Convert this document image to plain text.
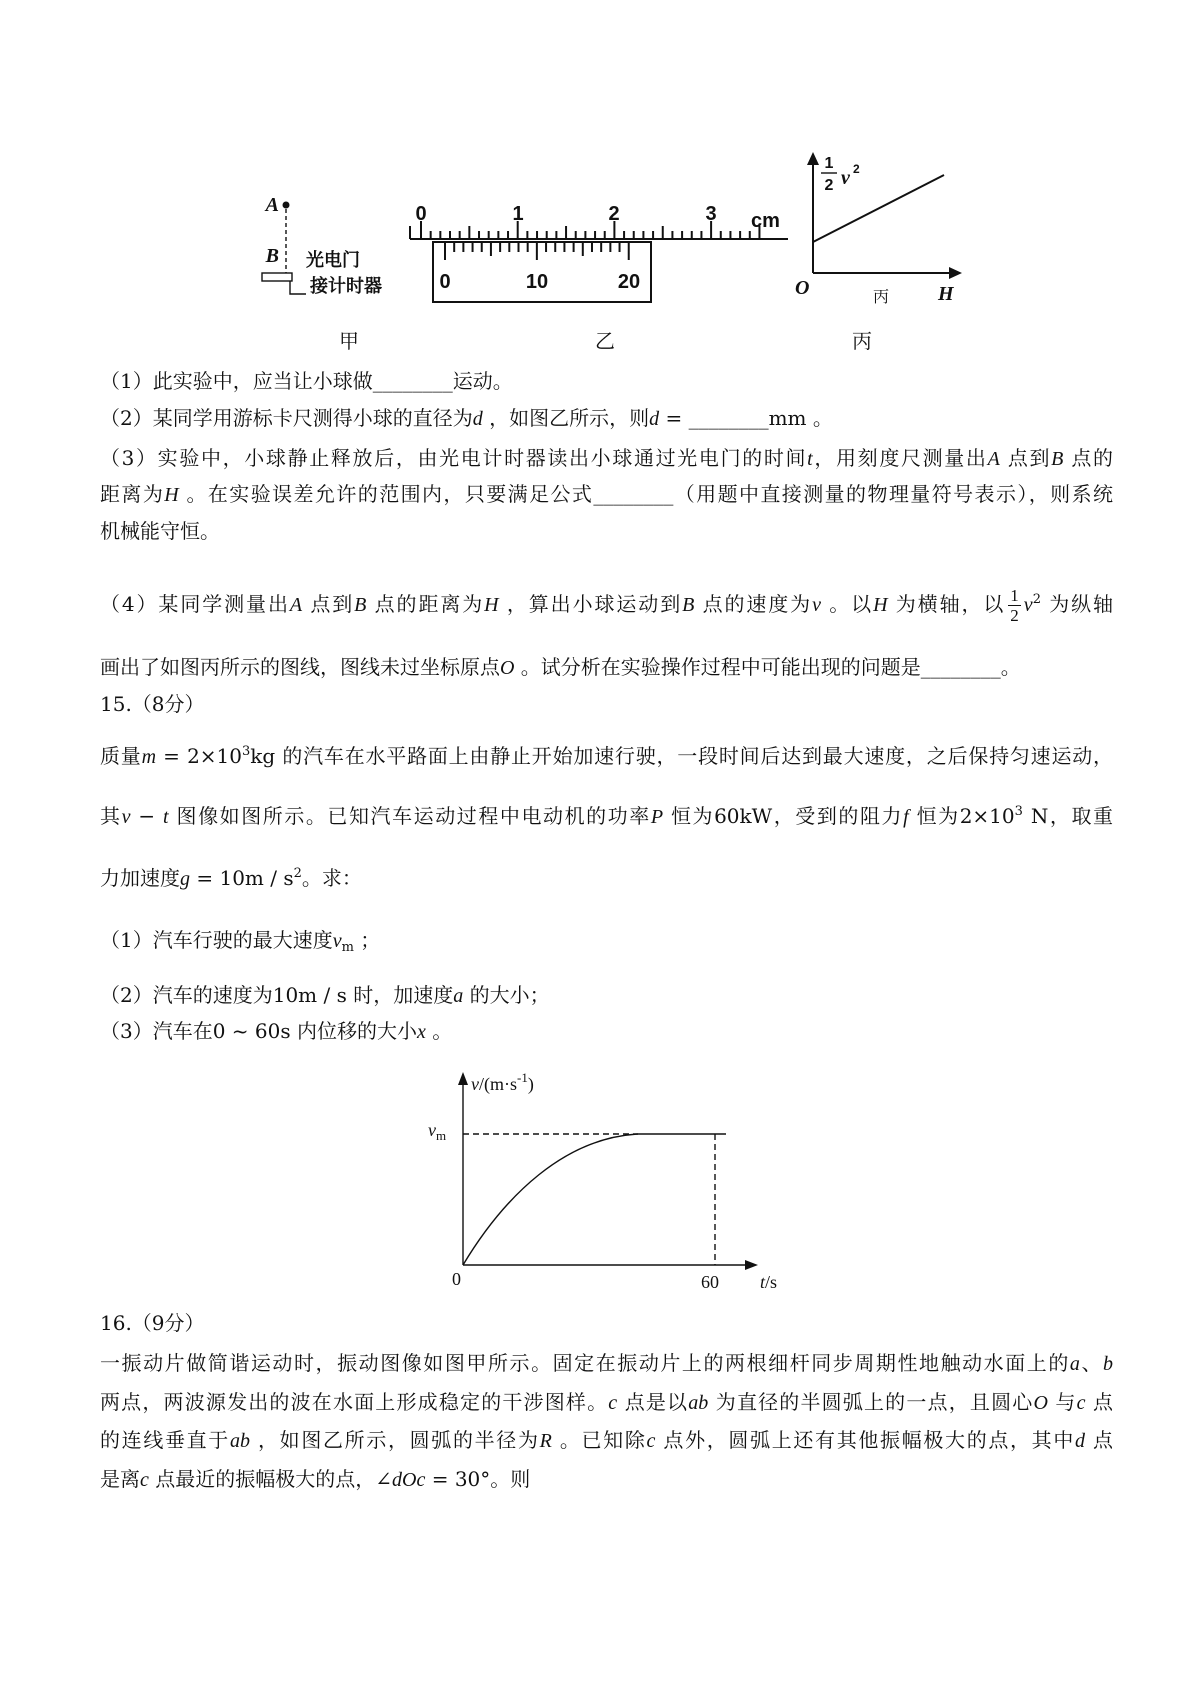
A
B 光电门
接计时器
甲
0	1	2	3 cm
0	10	20
乙
1
2 v 2
O	H
丙
丙
（1）此实验中，应当让小球做________运动。
（2）某同学用游标卡尺测得小球的直径为d ，如图乙所示，则d = ________mm 。
（3）实验中，小球静止释放后，由光电计时器读出小球通过光电门的时间t，用刻度尺测量出A 点到B 点的
距离为H 。在实验误差允许的范围内，只要满足公式________（用题中直接测量的物理量符号表示），则系统
机械能守恒。
（4）某同学测量出A 点到B 点的距离为H ，算出小球运动到B 点的速度为v 。以H 为横轴，以 $\frac{1}{2} v^2$ 为纵轴
画出了如图丙所示的图线，图线未过坐标原点O 。试分析在实验操作过程中可能出现的问题是________。
15.（8分）
质量$m = 2\times 10^3kg$ 的汽车在水平路面上由静止开始加速行驶，一段时间后达到最大速度，之后保持匀速运动，
其v − t 图像如图所示。已知汽车运动过程中电动机的功率P 恒为60kW，受到的阻力f 恒为$2\times 10^3$ N，取重
力加速度$g = 10m / s^2$。求：
（1）汽车行驶的最大速度$v_m$ ；
（2）汽车的速度为10m / s 时，加速度a 的大小；
（3）汽车在0 ~ 60s 内位移的大小x 。
$v/(m\cdot s^{-1})$
$v_m$
0	60 t/s
16.（9分）
一振动片做简谐运动时，振动图像如图甲所示。固定在振动片上的两根细杆同步周期性地触动水面上的a、b
两点，两波源发出的波在水面上形成稳定的干涉图样。c 点是以ab 为直径的半圆弧上的一点，且圆心O 与c 点
的连线垂直于ab ，如图乙所示，圆弧的半径为R 。已知除c 点外，圆弧上还有其他振幅极大的点，其中d 点
是离c 点最近的振幅极大的点，∠dOc = 30°。则
